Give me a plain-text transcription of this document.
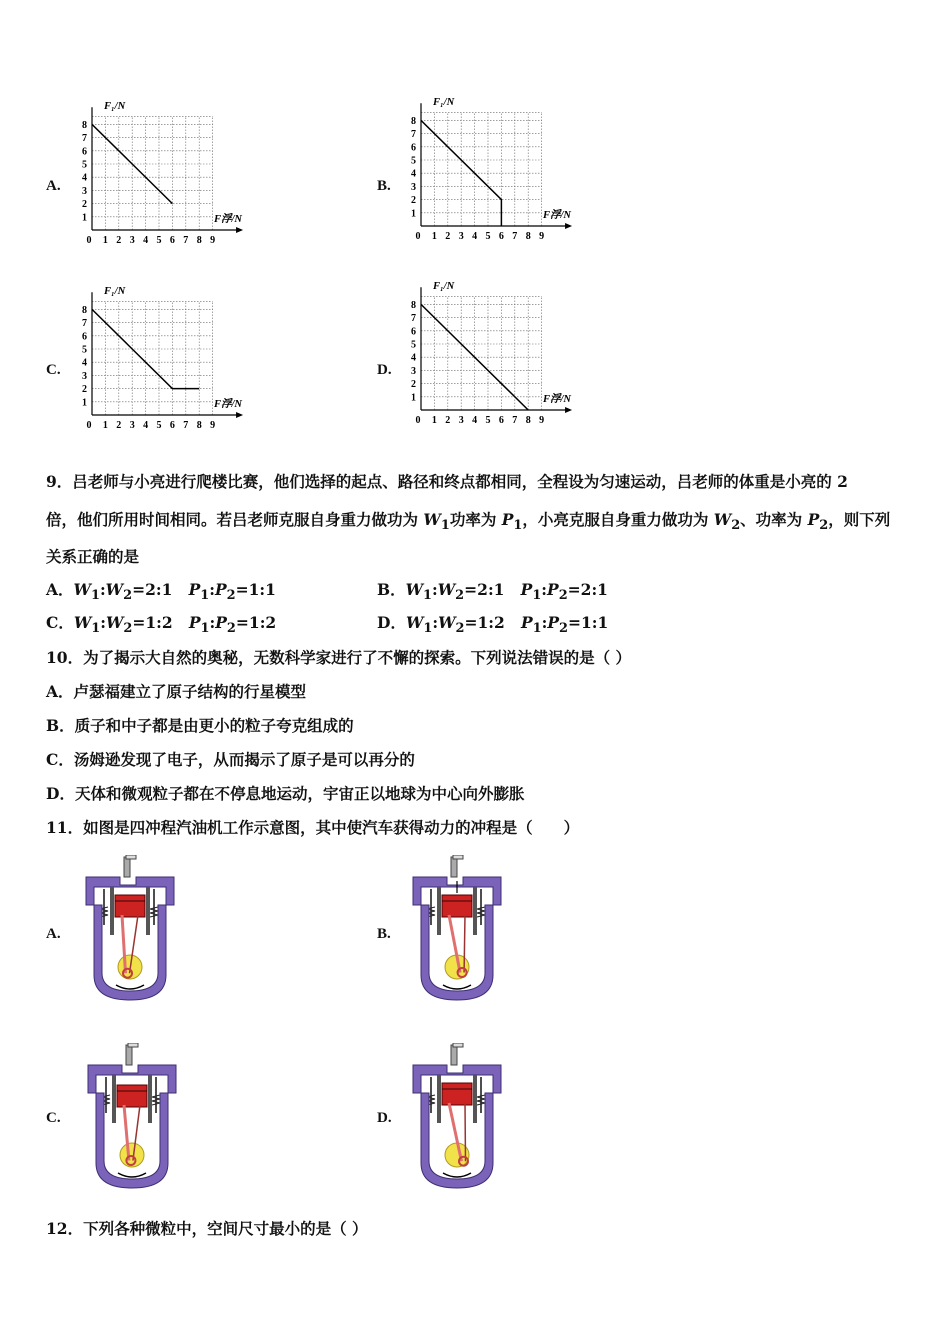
A.
0 1 2 3 4 5 6 7 8 9
1
2
3
4
5
6
7
8
F₁/N
F浮/N
B.
0 1 2 3 4 5 6 7 8 9
1
2
3
4
5
6
7
8
F₁/N
F浮/N
C.
0 1 2 3 4 5 6 7 8 9
1
2
3
4
5
6
7
8
F₁/N
F浮/N
D.
0 1 2 3 4 5 6 7 8 9
1
2
3
4
5
6
7
8
F₁/N
F浮/N
9．吕老师与小亮进行爬楼比赛，他们选择的起点、路径和终点都相同，全程设为匀速运动，吕老师的体重是小亮的 2
倍，他们所用时间相同。若吕老师克服自身重力做功为 $W_1$功率为 $P_1$，小亮克服自身重力做功为 $W_2$、功率为 $P_2$，则下列
关系正确的是
A．$W_1:W_2=2:1$ $P_1:P_2=1:1$	B．$W_1:W_2=2:1$ $P_1:P_2=2:1$
C．$W_1:W_2=1:2$ $P_1:P_2=1:2$	D．$W_1:W_2=1:2$ $P_1:P_2=1:1$
10．为了揭示大自然的奥秘，无数科学家进行了不懈的探索。下列说法错误的是（ ）
A．卢瑟福建立了原子结构的行星模型
B．质子和中子都是由更小的粒子夸克组成的
C．汤姆逊发现了电子，从而揭示了原子是可以再分的
D．天体和微观粒子都在不停息地运动，宇宙正以地球为中心向外膨胀
11．如图是四冲程汽油机工作示意图，其中使汽车获得动力的冲程是（　　）
A.	B.
C.	D.
12．下列各种微粒中，空间尺寸最小的是（ ）
